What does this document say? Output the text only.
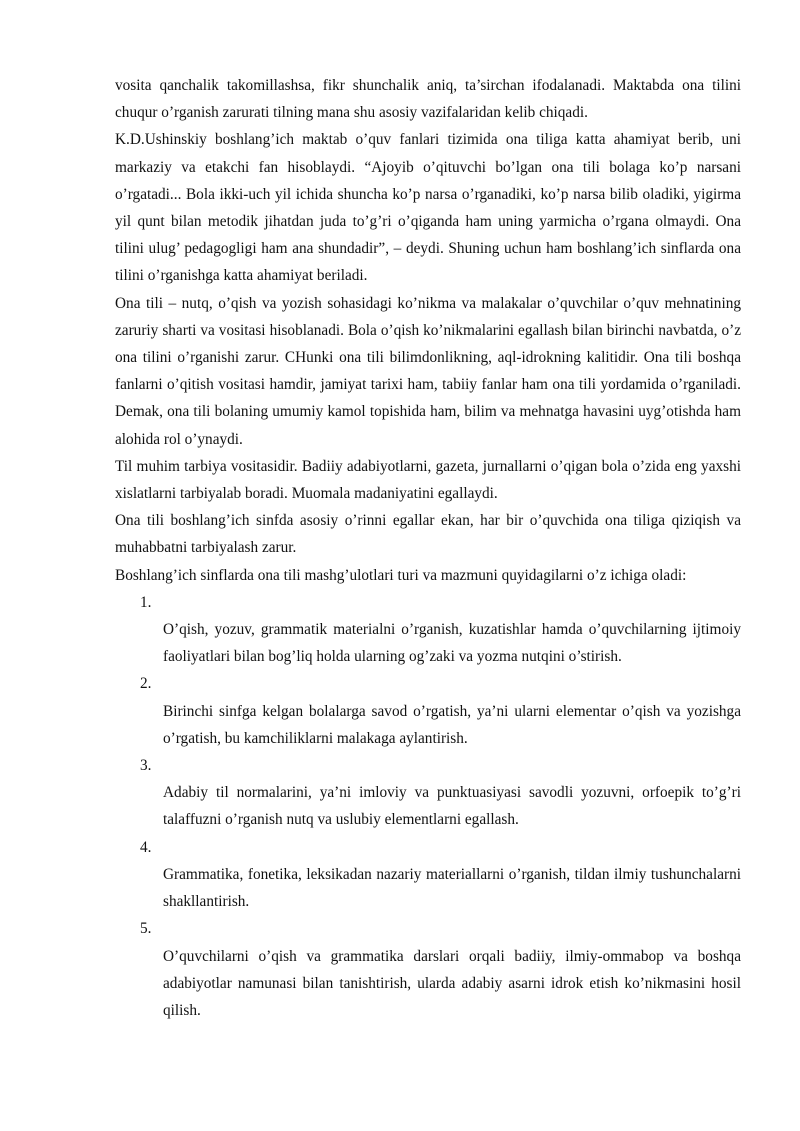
vosita qanchalik takomillashsa, fikr shunchalik aniq, ta’sirchan ifodalanadi. Maktabda ona tilini chuqur o’rganish zarurati tilning mana shu asosiy vazifalaridan kelib chiqadi.

K.D.Ushinskiy boshlang’ich maktab o’quv fanlari tizimida ona tiliga katta ahamiyat berib, uni markaziy va etakchi fan hisoblaydi. “Ajoyib o’qituvchi bo’lgan ona tili bolaga ko’p narsani o’rgatadi... Bola ikki-uch yil ichida shuncha ko’p narsa o’rganadiki, ko’p narsa bilib oladiki, yigirma yil qunt bilan metodik jihatdan juda to’g’ri o’qiganda ham uning yarmicha o’rgana olmaydi. Ona tilini ulug’ pedagogligi ham ana shundadir”, – deydi. Shuning uchun ham boshlang’ich sinflarda ona tilini o’rganishga katta ahamiyat beriladi.

Ona tili – nutq, o’qish va yozish sohasidagi ko’nikma va malakalar o’quvchilar o’quv mehnatining zaruriy sharti va vositasi hisoblanadi. Bola o’qish ko’nikmalarini egallash bilan birinchi navbatda, o’z ona tilini o’rganishi zarur. CHunki ona tili bilimdonlikning, aql-idrokning kalitidir. Ona tili boshqa fanlarni o’qitish vositasi hamdir, jamiyat tarixi ham, tabiiy fanlar ham ona tili yordamida o’rganiladi. Demak, ona tili bolaning umumiy kamol topishida ham, bilim va mehnatga havasini uyg’otishda ham alohida rol o’ynaydi.

Til muhim tarbiya vositasidir. Badiiy adabiyotlarni, gazeta, jurnallarni o’qigan bola o’zida eng yaxshi xislatlarni tarbiyalab boradi. Muomala madaniyatini egallaydi.

Ona tili boshlang’ich sinfda asosiy o’rinni egallar ekan, har bir o’quvchida ona tiliga qiziqish va muhabbatni tarbiyalash zarur.

Boshlang’ich sinflarda ona tili mashg’ulotlari turi va mazmuni quyidagilarni o’z ichiga oladi:

1.
O’qish, yozuv, grammatik materialni o’rganish, kuzatishlar hamda o’quvchilarning ijtimoiy faoliyatlari bilan bog’liq holda ularning og’zaki va yozma nutqini o’stirish.
2.
Birinchi sinfga kelgan bolalarga savod o’rgatish, ya’ni ularni elementar o’qish va yozishga o’rgatish, bu kamchiliklarni malakaga aylantirish.
3.
Adabiy til normalarini, ya’ni imloviy va punktuasiyasi savodli yozuvni, orfoepik to’g’ri talaffuzni o’rganish nutq va uslubiy elementlarni egallash.
4.
Grammatika, fonetika, leksikadan nazariy materiallarni o’rganish, tildan ilmiy tushunchalarni shakllantirish.
5.
O’quvchilarni o’qish va grammatika darslari orqali badiiy, ilmiy-ommabop va boshqa adabiyotlar namunasi bilan tanishtirish, ularda adabiy asarni idrok etish ko’nikmasini hosil qilish.
